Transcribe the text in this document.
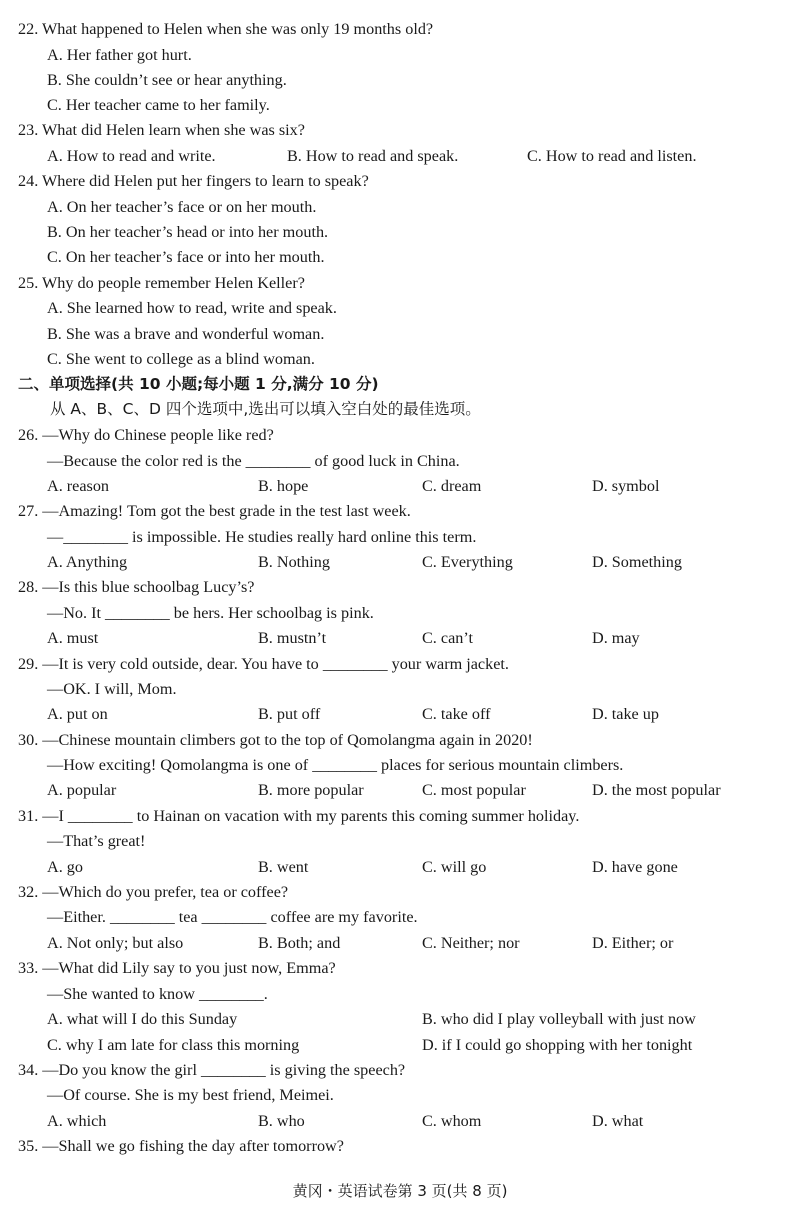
22. What happened to Helen when she was only 19 months old?
A. Her father got hurt.
B. She couldn’t see or hear anything.
C. Her teacher came to her family.
23. What did Helen learn when she was six?
A. How to read and write.	B. How to read and speak.	C. How to read and listen.
24. Where did Helen put her fingers to learn to speak?
A. On her teacher’s face or on her mouth.
B. On her teacher’s head or into her mouth.
C. On her teacher’s face or into her mouth.
25. Why do people remember Helen Keller?
A. She learned how to read, write and speak.
B. She was a brave and wonderful woman.
C. She went to college as a blind woman.
二、单项选择(共 10 小题;每小题 1 分,满分 10 分)
从 A、B、C、D 四个选项中,选出可以填入空白处的最佳选项。
26. —Why do Chinese people like red?
—Because the color red is the ________ of good luck in China.
A. reason	B. hope	C. dream	D. symbol
27. —Amazing! Tom got the best grade in the test last week.
—________ is impossible. He studies really hard online this term.
A. Anything	B. Nothing	C. Everything	D. Something
28. —Is this blue schoolbag Lucy’s?
—No. It ________ be hers. Her schoolbag is pink.
A. must	B. mustn’t	C. can’t	D. may
29. —It is very cold outside, dear. You have to ________ your warm jacket.
—OK. I will, Mom.
A. put on	B. put off	C. take off	D. take up
30. —Chinese mountain climbers got to the top of Qomolangma again in 2020!
—How exciting! Qomolangma is one of ________ places for serious mountain climbers.
A. popular	B. more popular	C. most popular	D. the most popular
31. —I ________ to Hainan on vacation with my parents this coming summer holiday.
—That’s great!
A. go	B. went	C. will go	D. have gone
32. —Which do you prefer, tea or coffee?
—Either. ________ tea ________ coffee are my favorite.
A. Not only; but also	B. Both; and	C. Neither; nor	D. Either; or
33. —What did Lily say to you just now, Emma?
—She wanted to know ________.
A. what will I do this Sunday	B. who did I play volleyball with just now
C. why I am late for class this morning	D. if I could go shopping with her tonight
34. —Do you know the girl ________ is giving the speech?
—Of course. She is my best friend, Meimei.
A. which	B. who	C. whom	D. what
35. —Shall we go fishing the day after tomorrow?
黄冈・英语试卷第 3 页(共 8 页)
